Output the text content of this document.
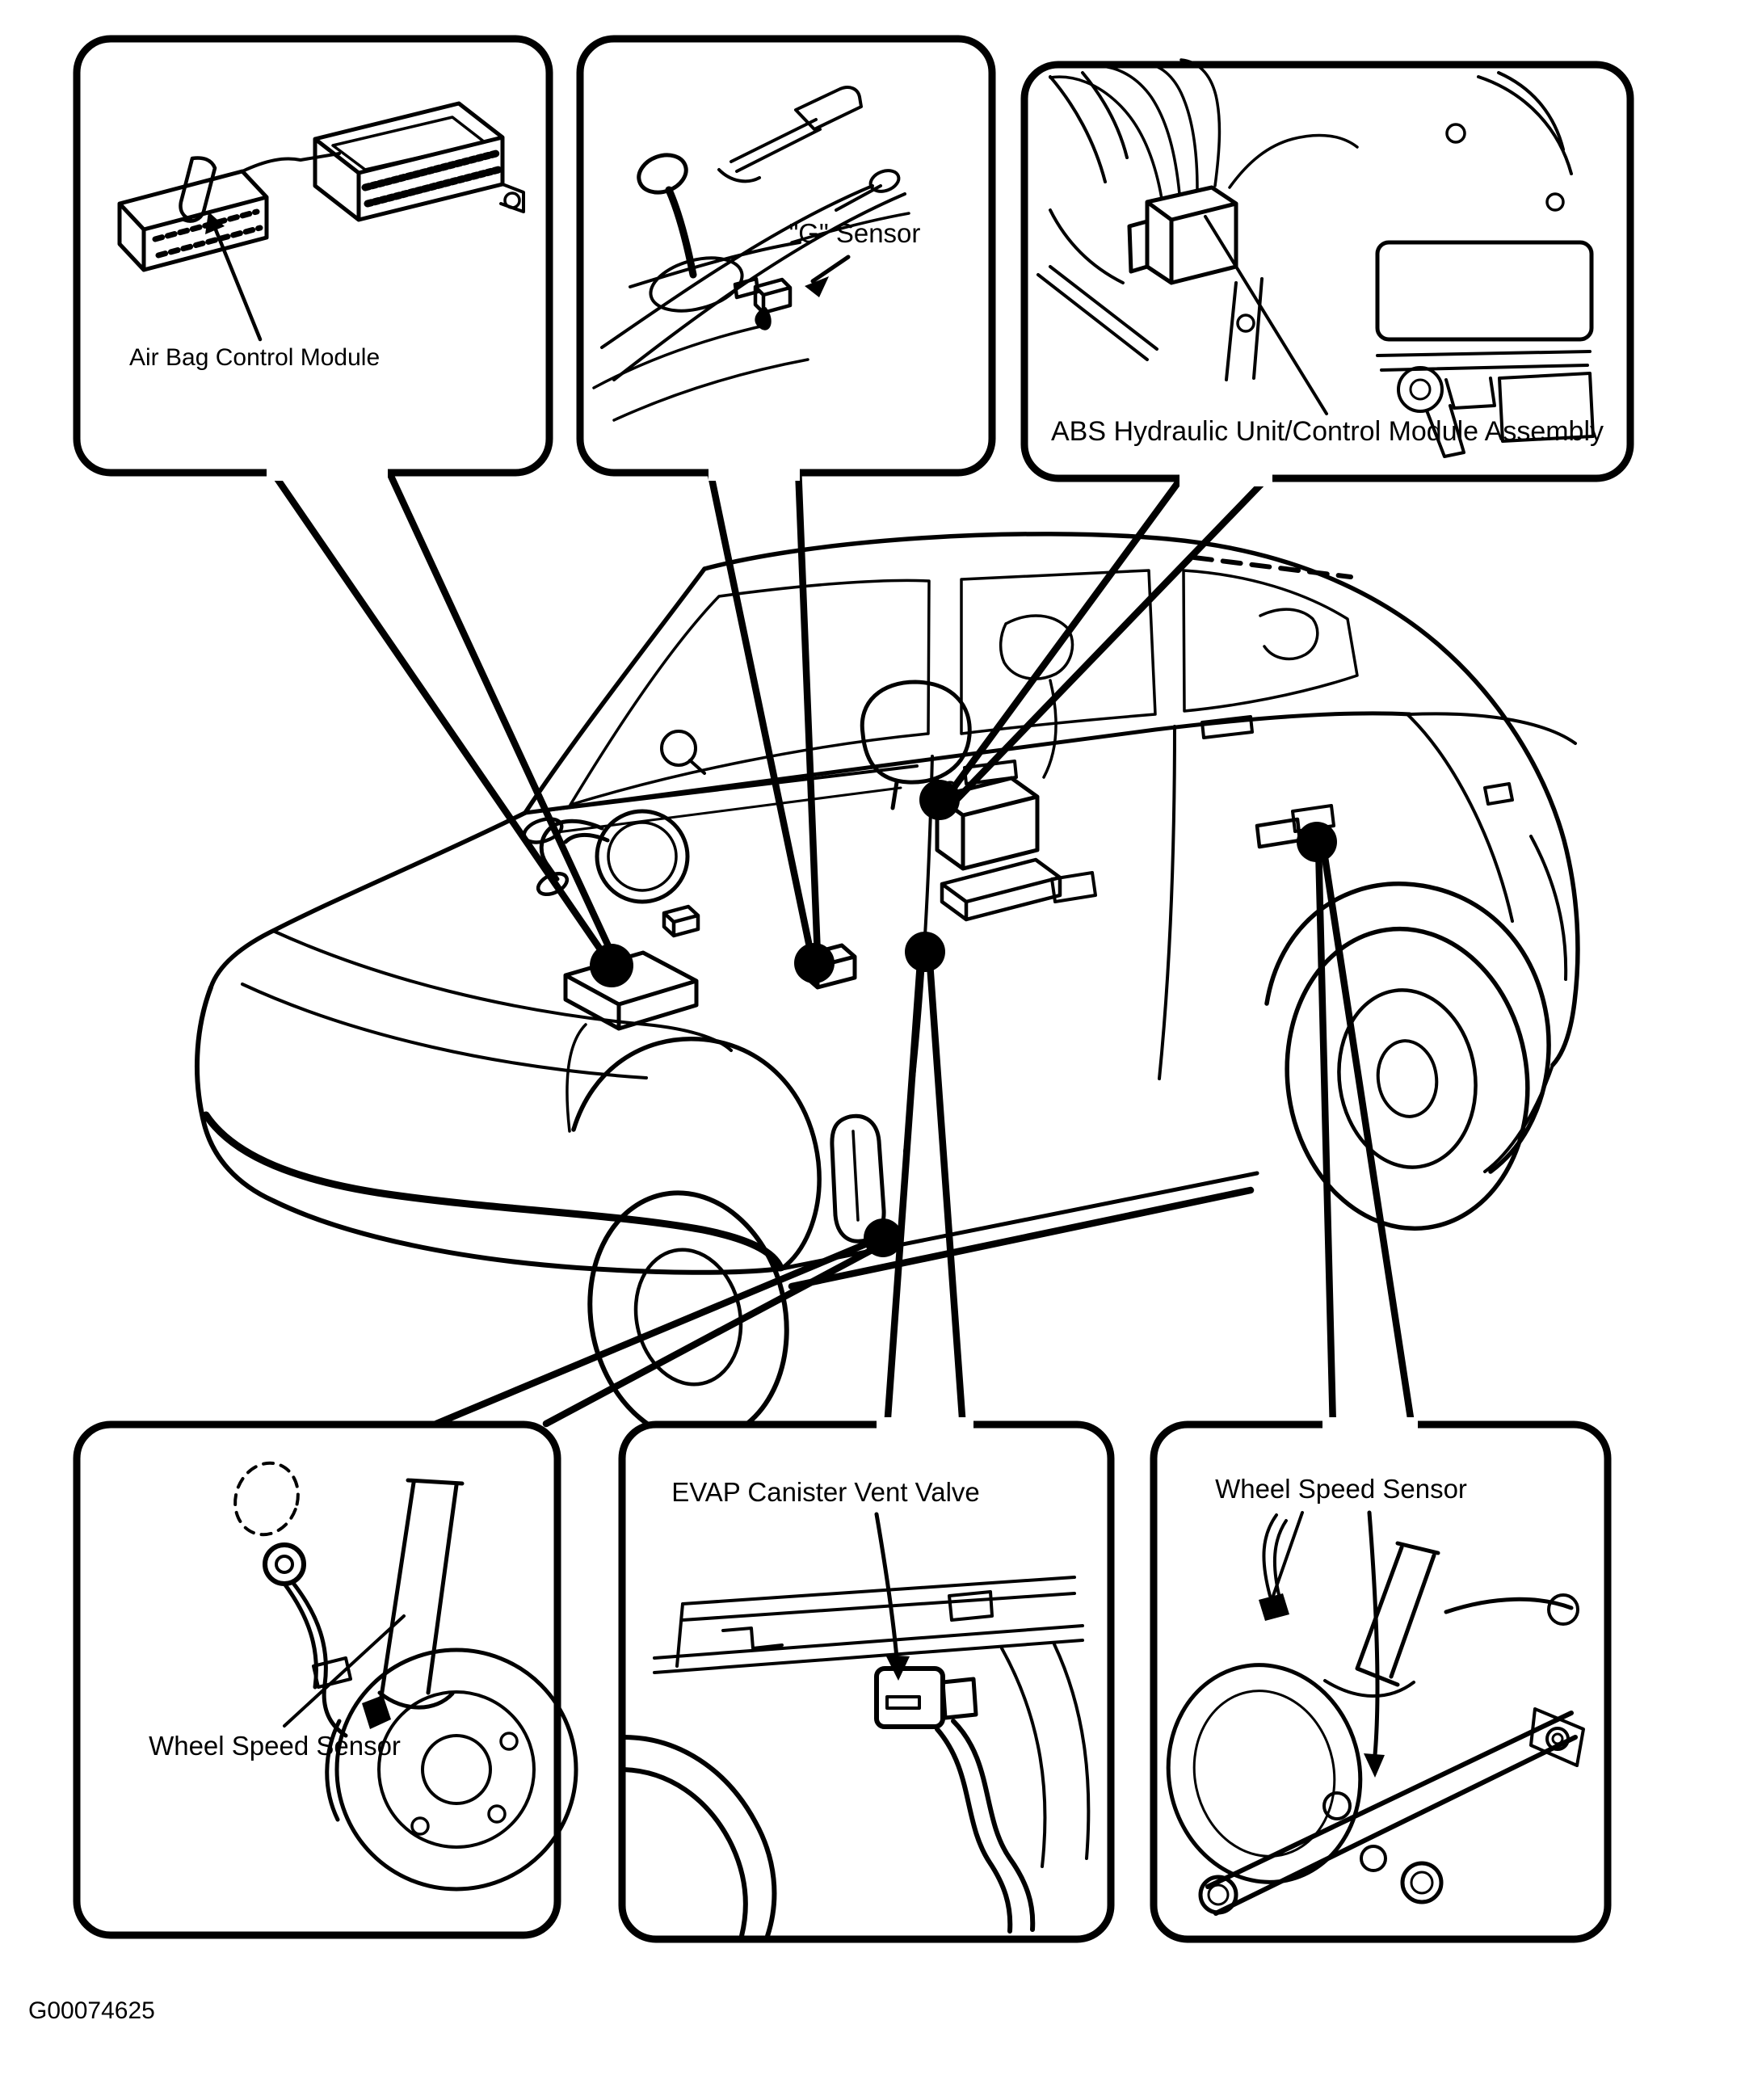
Air Bag Control Module
"G" Sensor
ABS Hydraulic Unit/Control Module Assembly
Wheel Speed Sensor
EVAP Canister Vent Valve	Wheel Speed Sensor
G00074625
